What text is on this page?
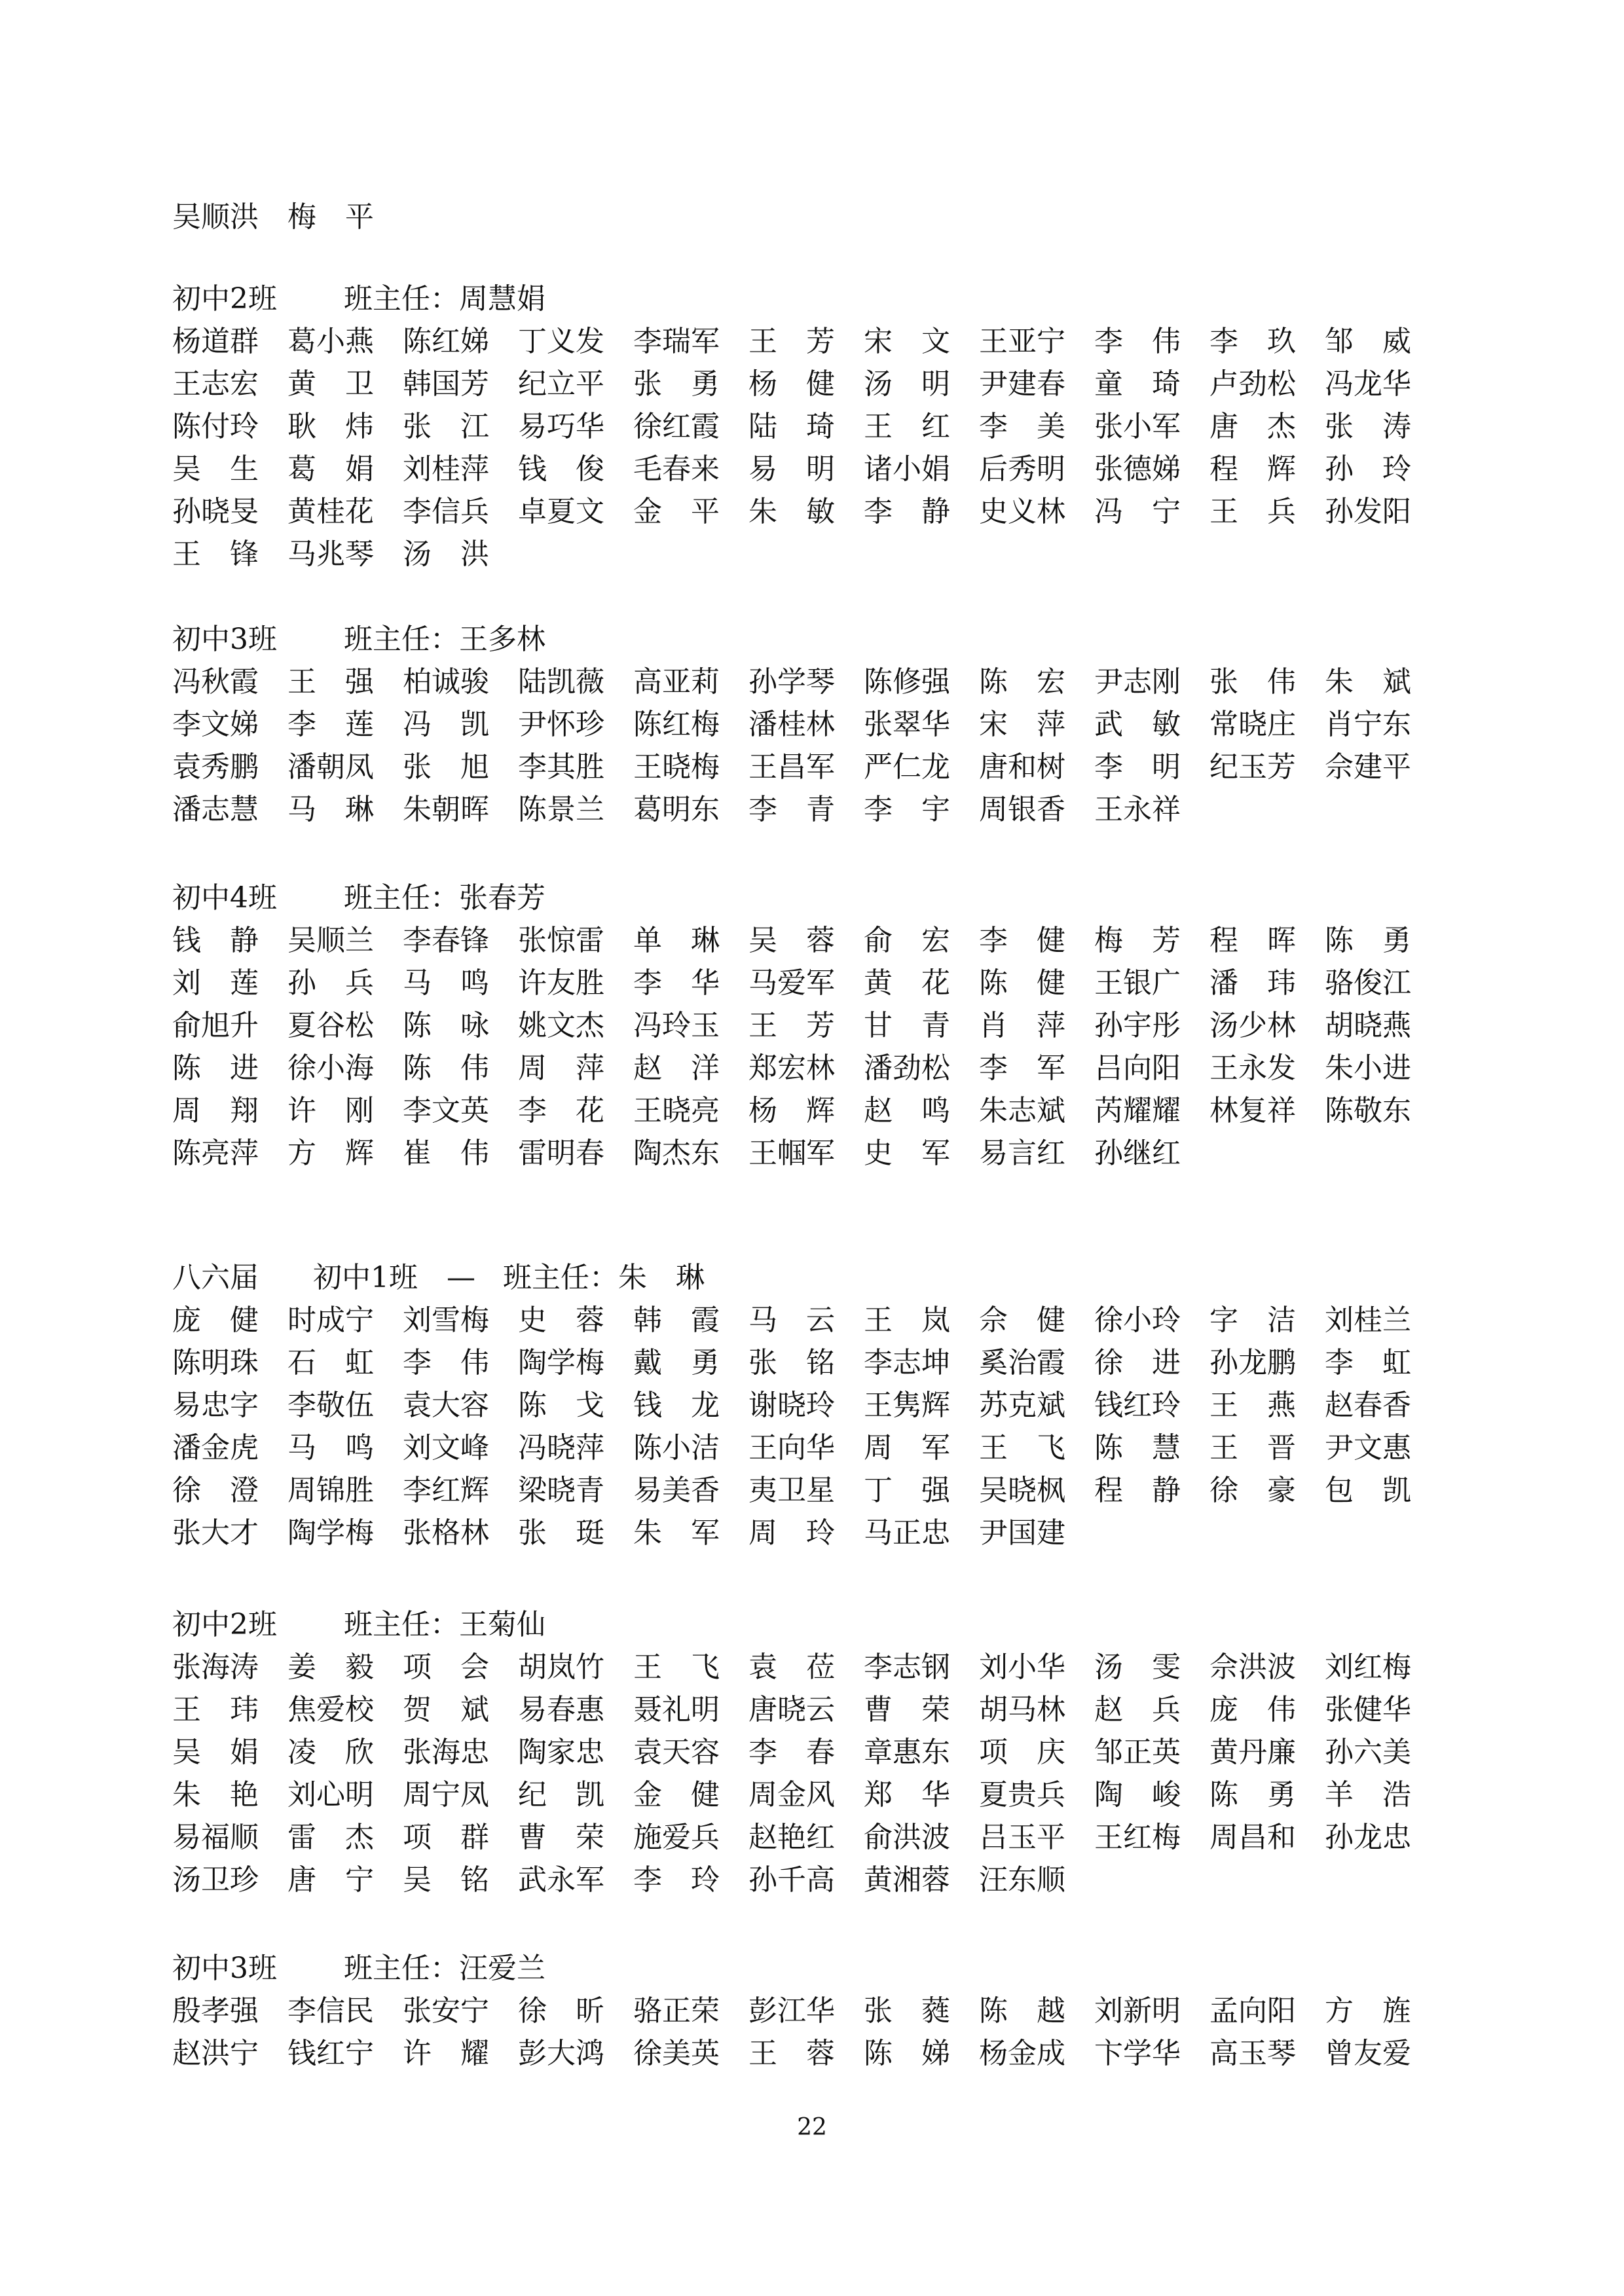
吴顺洪 梅平
初中2班 班主任：周慧娟
杨道群 葛小燕 陈红娣 丁义发 李瑞军 王芳 宋文 王亚宁 李伟 李玖 邹威
王志宏 黄卫 韩国芳 纪立平 张勇 杨健 汤明 尹建春 童琦 卢劲松 冯龙华
陈付玲 耿炜 张江 易巧华 徐红霞 陆琦 王红 李美 张小军 唐杰 张涛
吴生 葛娟 刘桂萍 钱俊 毛春来 易明 诸小娟 后秀明 张德娣 程辉 孙玲
孙晓旻 黄桂花 李信兵 卓夏文 金平 朱敏 李静 史义林 冯宁 王兵 孙发阳
王锋 马兆琴 汤洪
初中3班 班主任：王多林
冯秋霞 王强 柏诚骏 陆凯薇 高亚莉 孙学琴 陈修强 陈宏 尹志刚 张伟 朱斌
李文娣 李莲 冯凯 尹怀珍 陈红梅 潘桂林 张翠华 宋萍 武敏 常晓庄 肖宁东
袁秀鹏 潘朝凤 张旭 李其胜 王晓梅 王昌军 严仁龙 唐和树 李明 纪玉芳 佘建平
潘志慧 马琳 朱朝晖 陈景兰 葛明东 李青 李宇 周银香 王永祥
初中4班 班主任：张春芳
钱静 吴顺兰 李春锋 张惊雷 单琳 吴蓉 俞宏 李健 梅芳 程晖 陈勇
刘莲 孙兵 马鸣 许友胜 李华 马爱军 黄花 陈健 王银广 潘玮 骆俊江
俞旭升 夏谷松 陈咏 姚文杰 冯玲玉 王芳 甘青 肖萍 孙宇彤 汤少林 胡晓燕
陈进 徐小海 陈伟 周萍 赵洋 郑宏林 潘劲松 李军 吕向阳 王永发 朱小进
周翔 许刚 李文英 李花 王晓亮 杨辉 赵鸣 朱志斌 芮耀耀 林复祥 陈敬东
陈亮萍 方辉 崔伟 雷明春 陶杰东 王帼军 史军 易言红 孙继红
八六届 初中1班　— 班主任：朱　琳
庞健 时成宁 刘雪梅 史蓉 韩霞 马云 王岚 佘健 徐小玲 字洁 刘桂兰
陈明珠 石虹 李伟 陶学梅 戴勇 张铭 李志坤 奚治霞 徐进 孙龙鹏 李虹
易忠字 李敬伍 袁大容 陈戈 钱龙 谢晓玲 王隽辉 苏克斌 钱红玲 王燕 赵春香
潘金虎 马鸣 刘文峰 冯晓萍 陈小洁 王向华 周军 王飞 陈慧 王晋 尹文惠
徐澄 周锦胜 李红辉 梁晓青 易美香 夷卫星 丁强 吴晓枫 程静 徐豪 包凯
张大才 陶学梅 张格林 张珽 朱军 周玲 马正忠 尹国建
初中2班 班主任：王菊仙
张海涛 姜毅 项会 胡岚竹 王飞 袁莅 李志钢 刘小华 汤雯 佘洪波 刘红梅
王玮 焦爱校 贺斌 易春惠 聂礼明 唐晓云 曹荣 胡马林 赵兵 庞伟 张健华
吴娟 凌欣 张海忠 陶家忠 袁天容 李春 章惠东 项庆 邹正英 黄丹廉 孙六美
朱艳 刘心明 周宁凤 纪凯 金健 周金风 郑华 夏贵兵 陶峻 陈勇 羊浩
易福顺 雷杰 项群 曹荣 施爱兵 赵艳红 俞洪波 吕玉平 王红梅 周昌和 孙龙忠
汤卫珍 唐宁 吴铭 武永军 李玲 孙千高 黄湘蓉 汪东顺
初中3班 班主任：汪爱兰
殷孝强 李信民 张安宁 徐昕 骆正荣 彭江华 张蕤 陈越 刘新明 孟向阳 方旌
赵洪宁 钱红宁 许耀 彭大鸿 徐美英 王蓉 陈娣 杨金成 卞学华 高玉琴 曾友爱
22
